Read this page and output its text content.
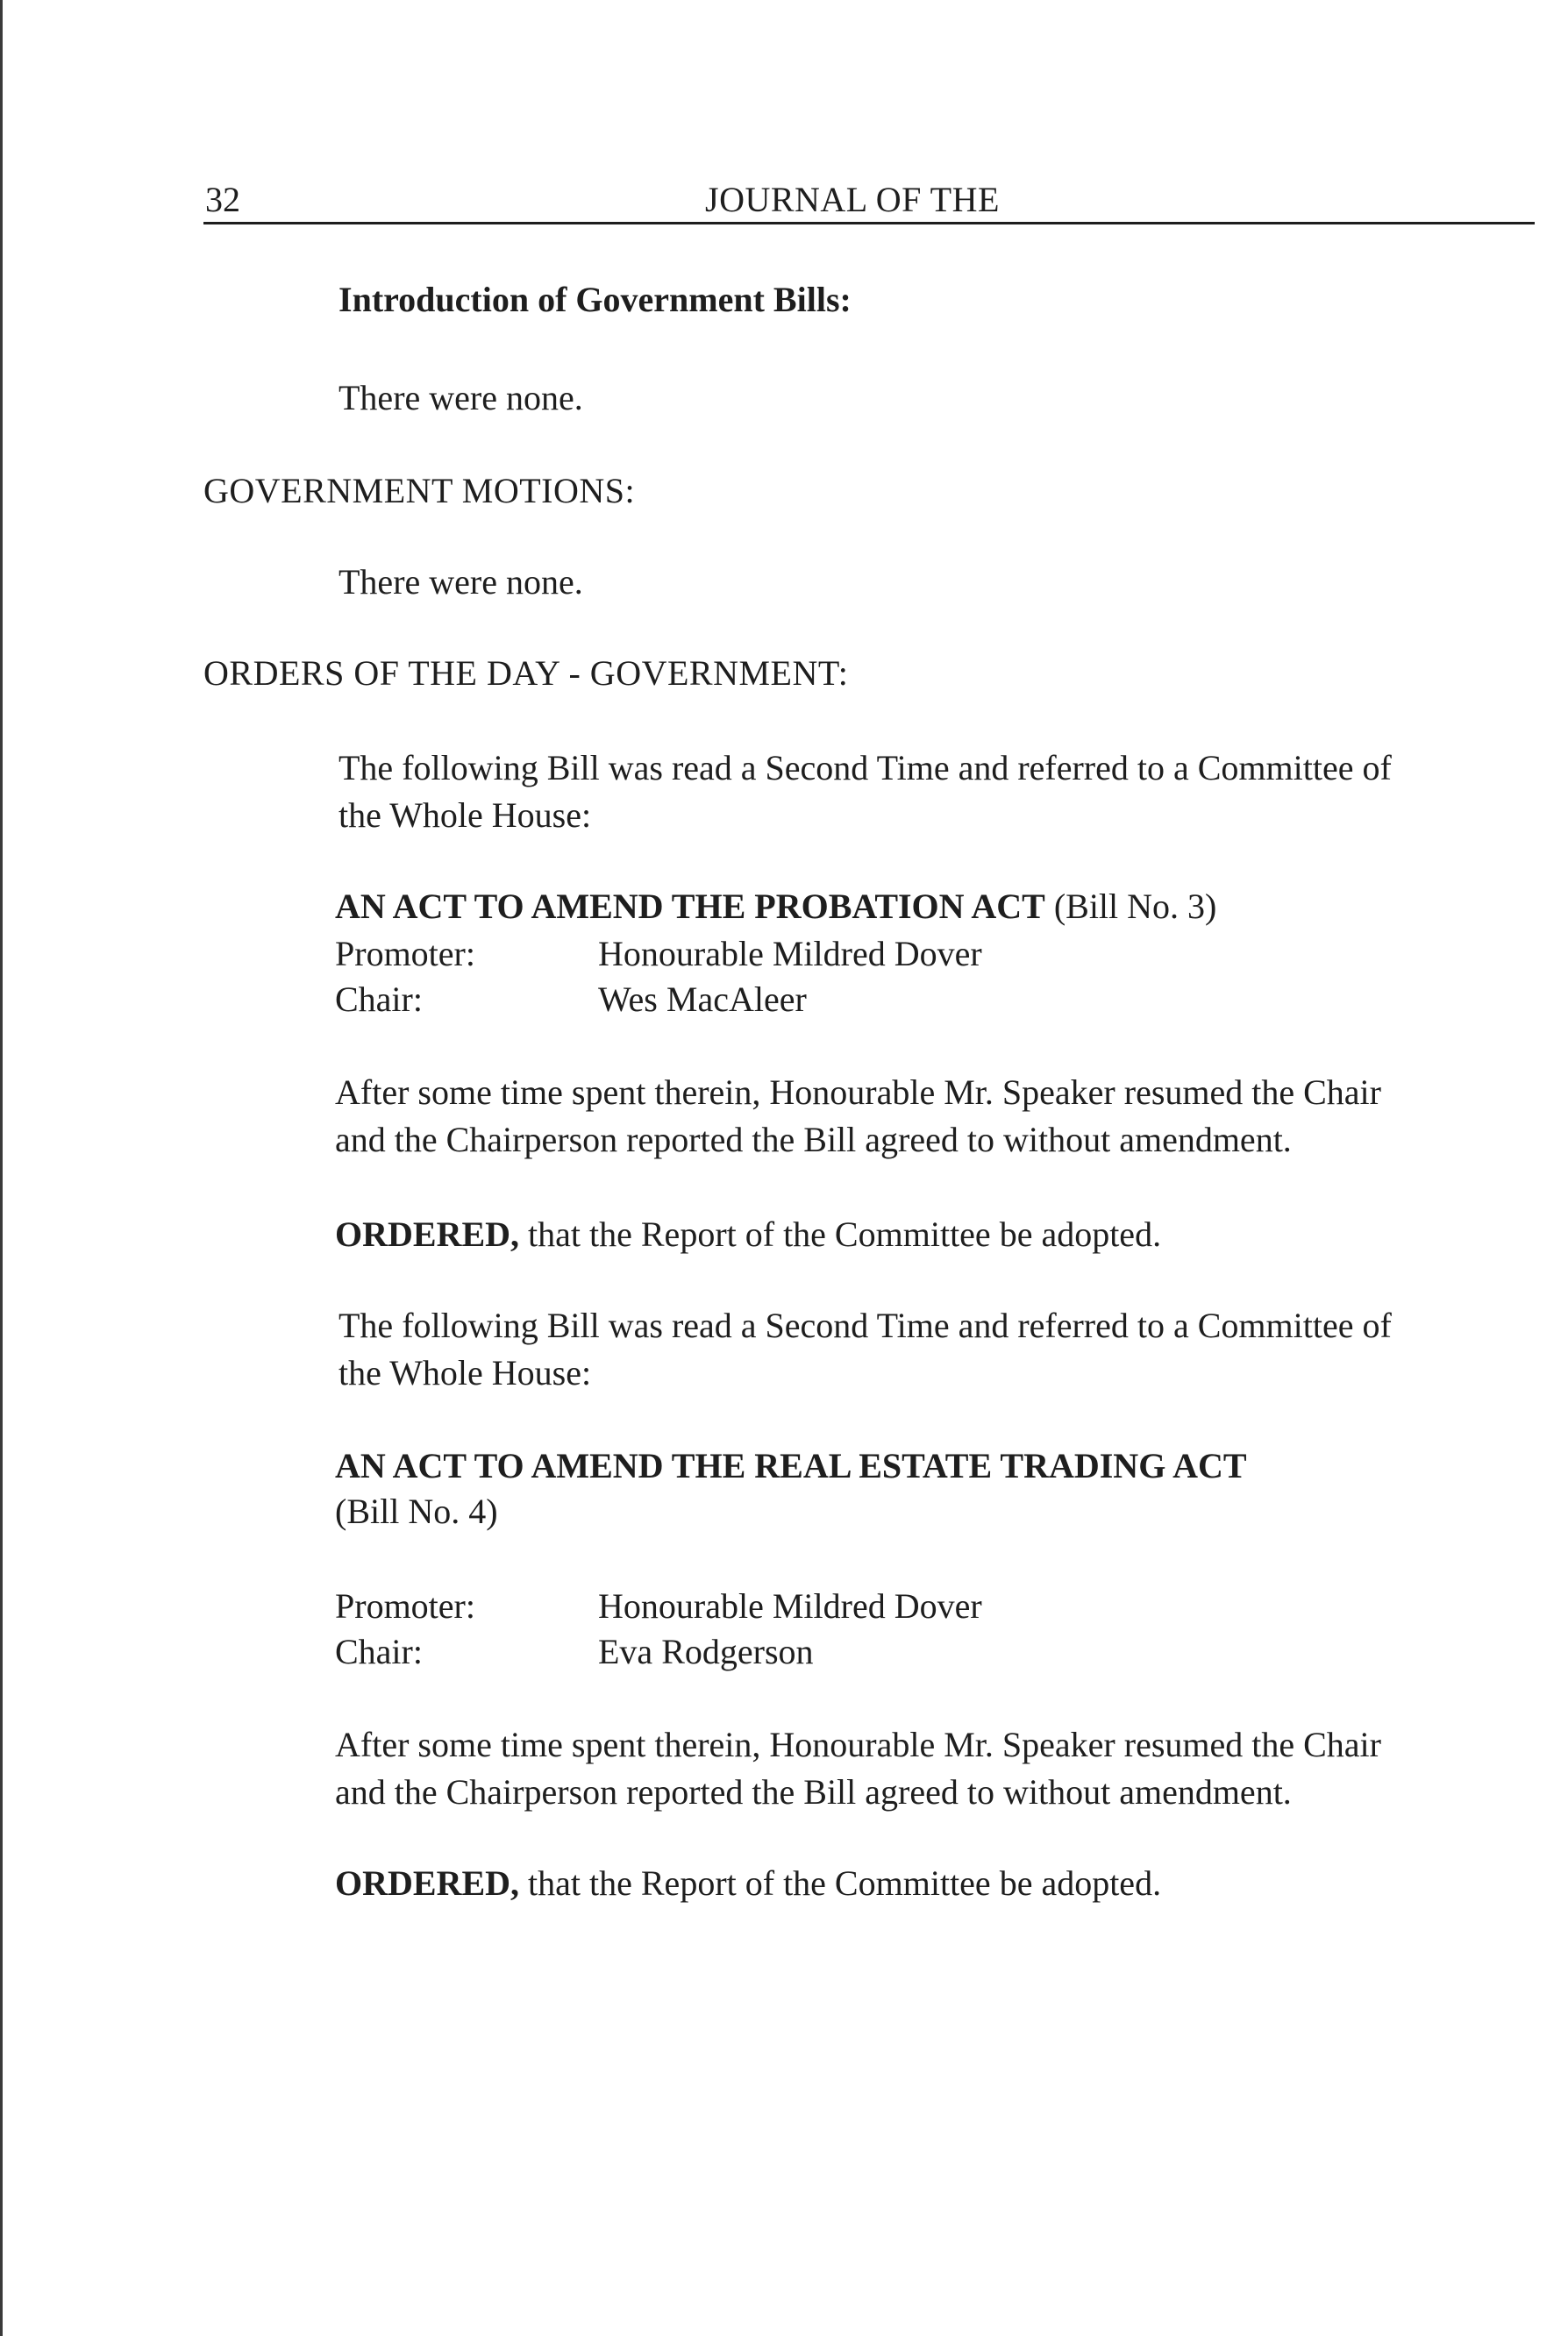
32	JOURNAL OF THE
Introduction of Government Bills:
There were none.
GOVERNMENT MOTIONS:
There were none.
ORDERS OF THE DAY - GOVERNMENT:
The following Bill was read a Second Time and referred to a Committee of
the Whole House:
AN ACT TO AMEND THE PROBATION ACT (Bill No. 3)
Promoter:	Honourable Mildred Dover
Chair:	Wes MacAleer
After some time spent therein, Honourable Mr. Speaker resumed the Chair
and the Chairperson reported the Bill agreed to without amendment.
ORDERED, that the Report of the Committee be adopted.
The following Bill was read a Second Time and referred to a Committee of
the Whole House:
AN ACT TO AMEND THE REAL ESTATE TRADING ACT
(Bill No. 4)
Promoter:	Honourable Mildred Dover
Chair:	Eva Rodgerson
After some time spent therein, Honourable Mr. Speaker resumed the Chair
and the Chairperson reported the Bill agreed to without amendment.
ORDERED, that the Report of the Committee be adopted.
